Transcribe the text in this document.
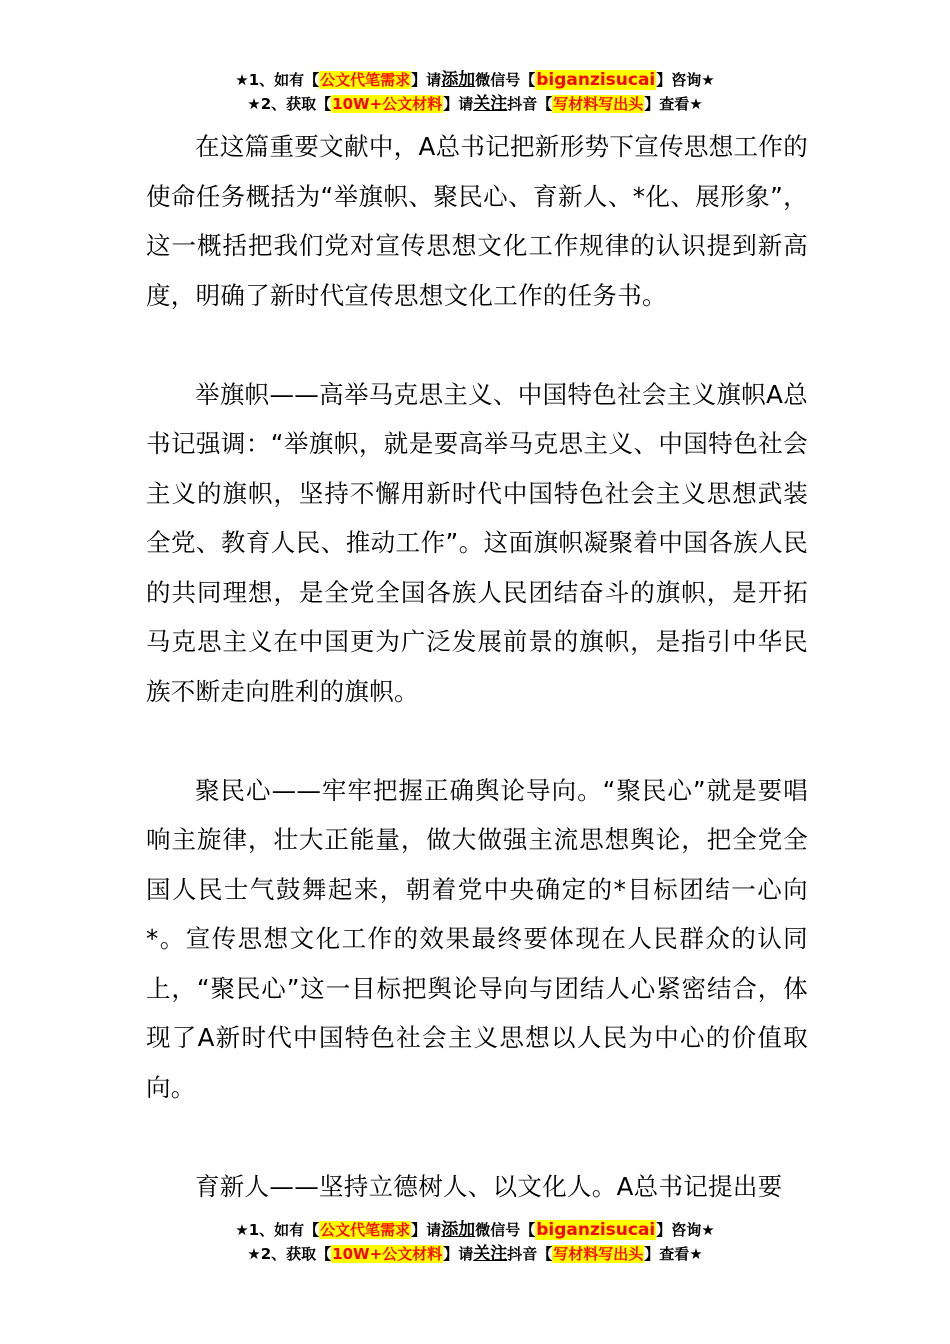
★1、如有【公文代笔需求】请添加微信号【biganzisucai】咨询★
★2、获取【10W+公文材料】请关注抖音【写材料写出头】查看★

在这篇重要文献中，A总书记把新形势下宣传思想工作的使命任务概括为“举旗帜、聚民心、育新人、*化、展形象”，这一概括把我们党对宣传思想文化工作规律的认识提到新高度，明确了新时代宣传思想文化工作的任务书。

举旗帜——高举马克思主义、中国特色社会主义旗帜A总书记强调：“举旗帜，就是要高举马克思主义、中国特色社会主义的旗帜，坚持不懈用新时代中国特色社会主义思想武装全党、教育人民、推动工作”。这面旗帜凝聚着中国各族人民的共同理想，是全党全国各族人民团结奋斗的旗帜，是开拓马克思主义在中国更为广泛发展前景的旗帜，是指引中华民族不断走向胜利的旗帜。

聚民心——牢牢把握正确舆论导向。“聚民心”就是要唱响主旋律，壮大正能量，做大做强主流思想舆论，把全党全国人民士气鼓舞起来，朝着党中央确定的*目标团结一心向*。宣传思想文化工作的效果最终要体现在人民群众的认同上，“聚民心”这一目标把舆论导向与团结人心紧密结合，体现了A新时代中国特色社会主义思想以人民为中心的价值取向。

育新人——坚持立德树人、以文化人。A总书记提出要

★1、如有【公文代笔需求】请添加微信号【biganzisucai】咨询★
★2、获取【10W+公文材料】请关注抖音【写材料写出头】查看★
